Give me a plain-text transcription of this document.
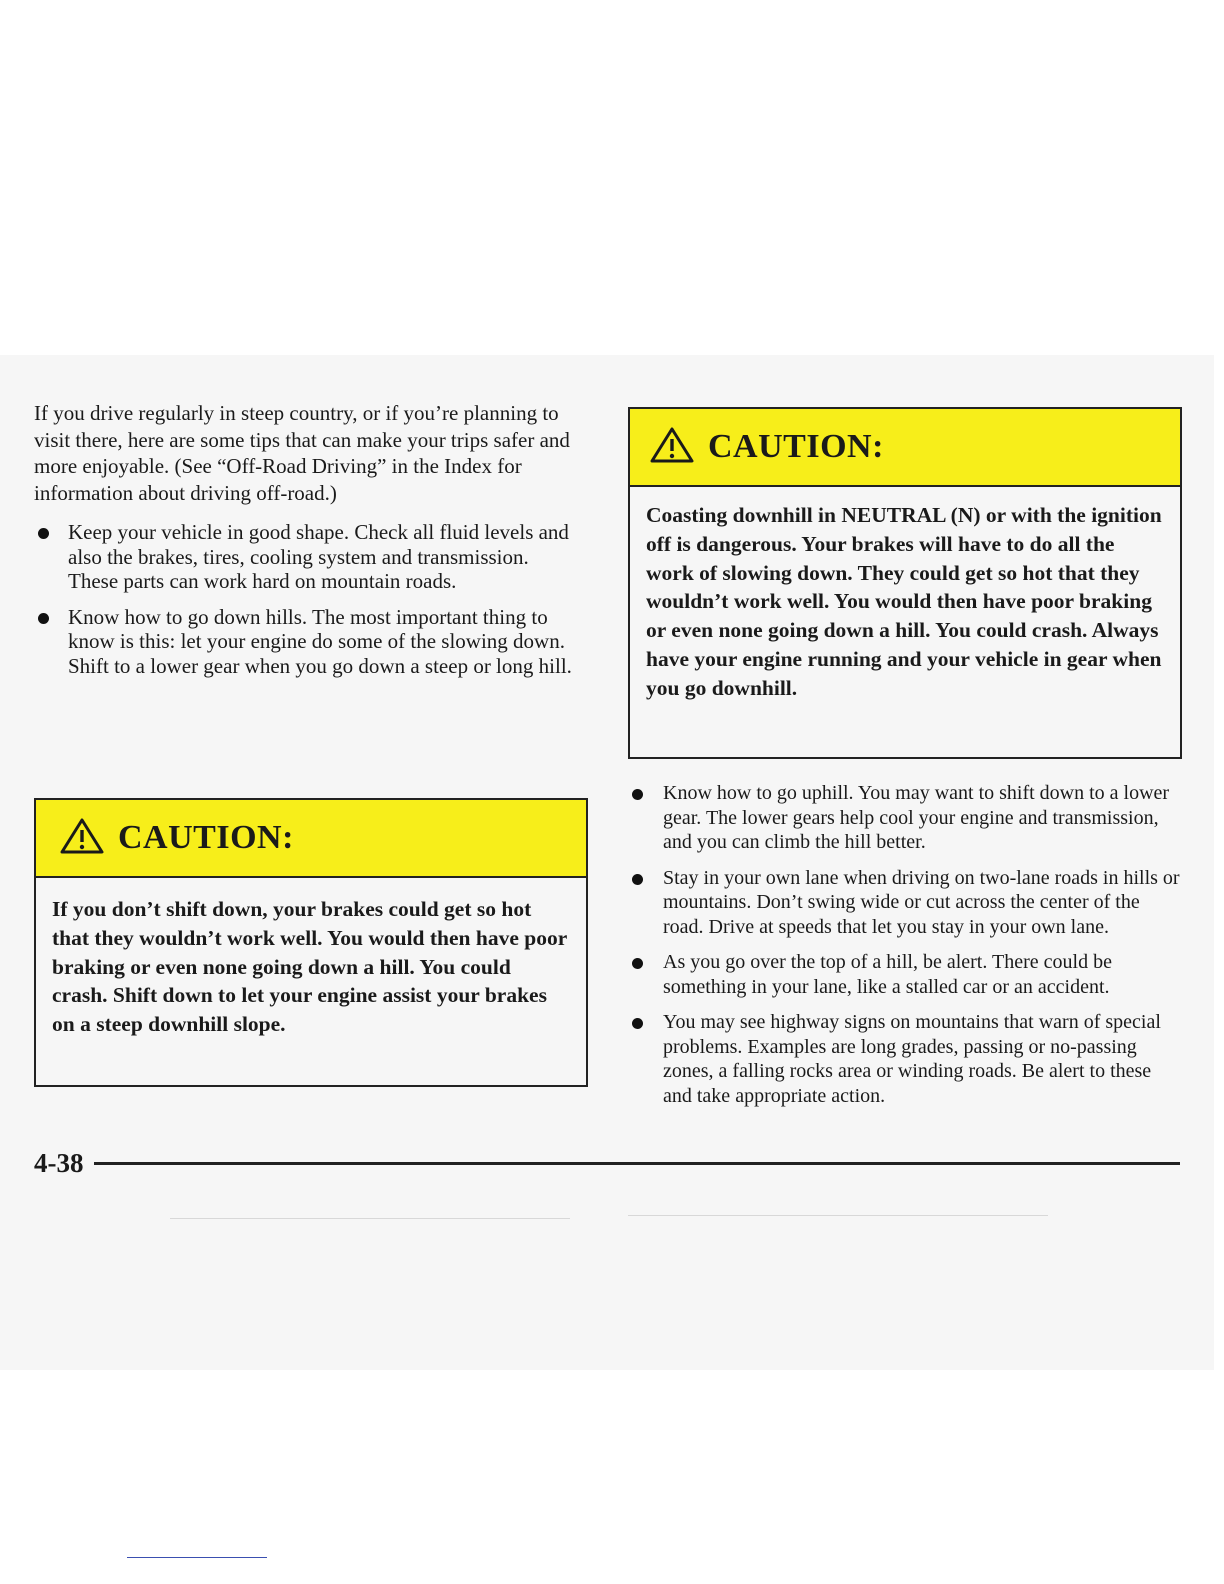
If you drive regularly in steep country, or if you’re planning to visit there, here are some tips that can make your trips safer and more enjoyable. (See “Off-Road Driving” in the Index for information about driving off-road.)

Keep your vehicle in good shape. Check all fluid levels and also the brakes, tires, cooling system and transmission. These parts can work hard on mountain roads.
Know how to go down hills. The most important thing to know is this: let your engine do some of the slowing down. Shift to a lower gear when you go down a steep or long hill.
CAUTION:
If you don’t shift down, your brakes could get so hot that they wouldn’t work well. You would then have poor braking or even none going down a hill. You could crash. Shift down to let your engine assist your brakes on a steep downhill slope.
CAUTION:
Coasting downhill in NEUTRAL (N) or with the ignition off is dangerous. Your brakes will have to do all the work of slowing down. They could get so hot that they wouldn’t work well. You would then have poor braking or even none going down a hill. You could crash. Always have your engine running and your vehicle in gear when you go downhill.
Know how to go uphill. You may want to shift down to a lower gear. The lower gears help cool your engine and transmission, and you can climb the hill better.
Stay in your own lane when driving on two-lane roads in hills or mountains. Don’t swing wide or cut across the center of the road. Drive at speeds that let you stay in your own lane.
As you go over the top of a hill, be alert. There could be something in your lane, like a stalled car or an accident.
You may see highway signs on mountains that warn of special problems. Examples are long grades, passing or no-passing zones, a falling rocks area or winding roads. Be alert to these and take appropriate action.
4-38
